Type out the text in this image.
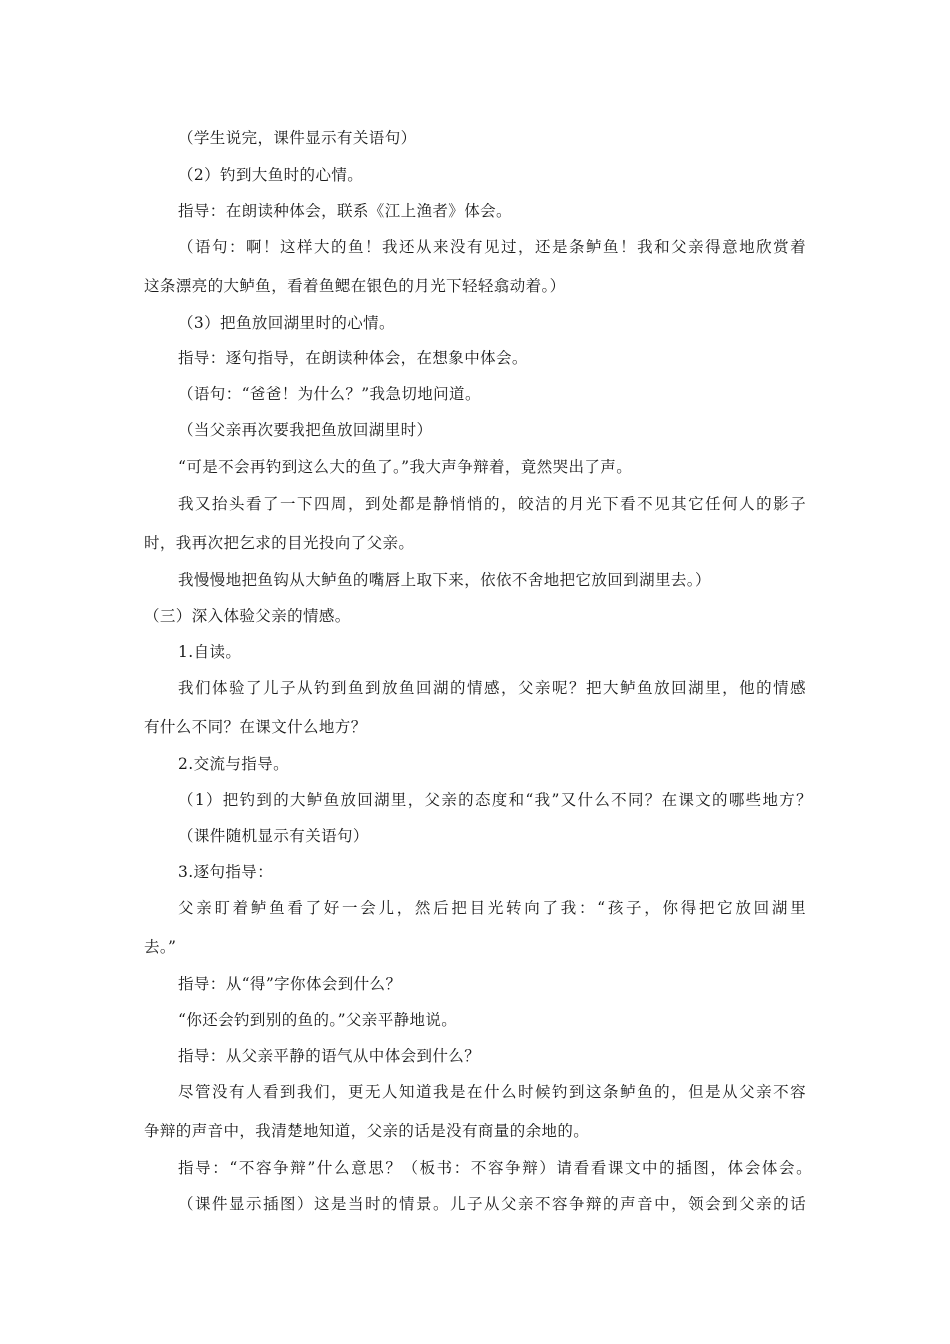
（学生说完，课件显示有关语句）
（2）钓到大鱼时的心情。
指导：在朗读种体会，联系《江上渔者》体会。
（语句：啊！这样大的鱼！我还从来没有见过，还是条鲈鱼！我和父亲得意地欣赏着
这条漂亮的大鲈鱼，看着鱼鳃在银色的月光下轻轻翕动着。）
（3）把鱼放回湖里时的心情。
指导：逐句指导，在朗读种体会，在想象中体会。
（语句：“爸爸！为什么？”我急切地问道。
（当父亲再次要我把鱼放回湖里时）
“可是不会再钓到这么大的鱼了。”我大声争辩着，竟然哭出了声。
我又抬头看了一下四周，到处都是静悄悄的，皎洁的月光下看不见其它任何人的影子
时，我再次把乞求的目光投向了父亲。
我慢慢地把鱼钩从大鲈鱼的嘴唇上取下来，依依不舍地把它放回到湖里去。）
（三）深入体验父亲的情感。
1.自读。
我们体验了儿子从钓到鱼到放鱼回湖的情感，父亲呢？把大鲈鱼放回湖里，他的情感
有什么不同？在课文什么地方？
2.交流与指导。
（1）把钓到的大鲈鱼放回湖里，父亲的态度和“我”又什么不同？在课文的哪些地方？
（课件随机显示有关语句）
3.逐句指导：
父亲盯着鲈鱼看了好一会儿，然后把目光转向了我：“孩子，你得把它放回湖里
去。”
指导：从“得”字你体会到什么？
“你还会钓到别的鱼的。”父亲平静地说。
指导：从父亲平静的语气从中体会到什么？
尽管没有人看到我们，更无人知道我是在什么时候钓到这条鲈鱼的，但是从父亲不容
争辩的声音中，我清楚地知道，父亲的话是没有商量的余地的。
指导：“不容争辩”什么意思？（板书：不容争辩）请看看课文中的插图，体会体会。
（课件显示插图）这是当时的情景。儿子从父亲不容争辩的声音中，领会到父亲的话
